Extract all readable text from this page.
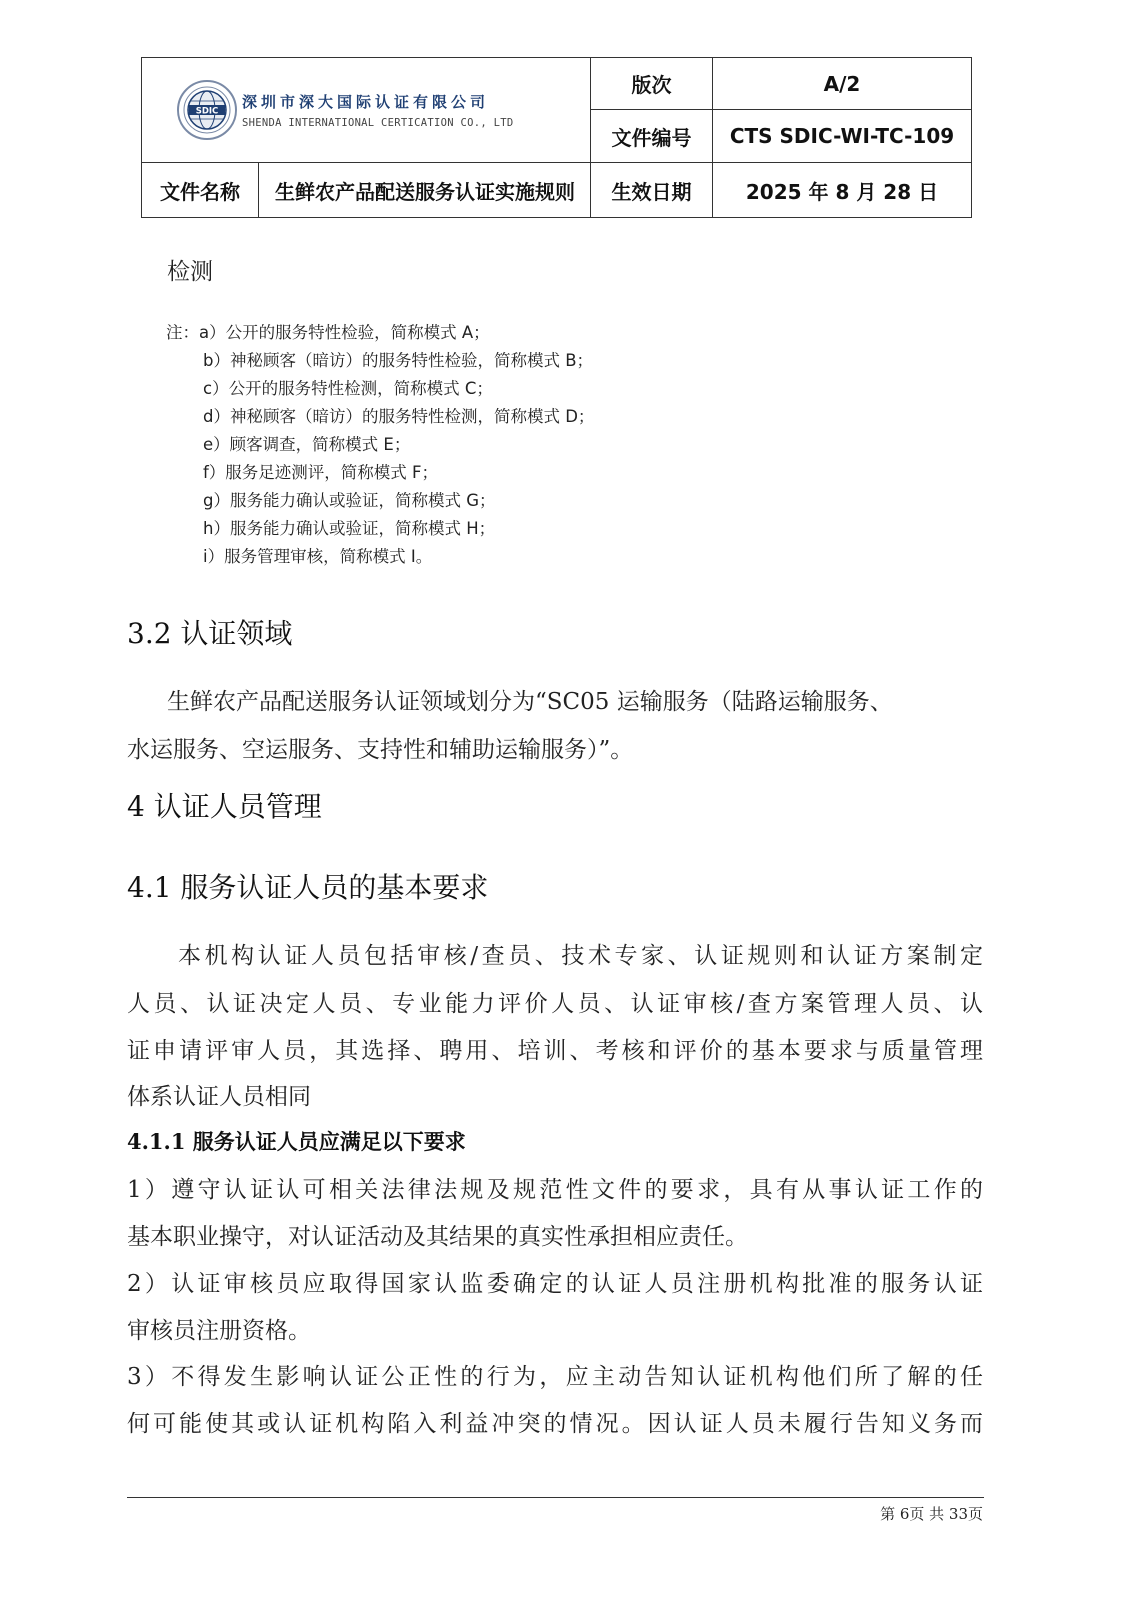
SDIC
深圳市深大国际认证有限公司
SHENDA INTERNATIONAL CERTICATION CO., LTD		版次	A/2
		文件编号	CTS SDIC-WI-TC-109
文件名称	生鲜农产品配送服务认证实施规则	生效日期	2025 年 8 月 28 日
检测
注：a）公开的服务特性检验，简称模式 A；
b）神秘顾客（暗访）的服务特性检验，简称模式 B；
c）公开的服务特性检测，简称模式 C；
d）神秘顾客（暗访）的服务特性检测，简称模式 D；
e）顾客调查，简称模式 E；
f）服务足迹测评，简称模式 F；
g）服务能力确认或验证，简称模式 G；
h）服务能力确认或验证，简称模式 H；
i）服务管理审核，简称模式 I。
3.2 认证领域
生鲜农产品配送服务认证领域划分为“SC05 运输服务（陆路运输服务、
水运服务、空运服务、支持性和辅助运输服务）”。
4 认证人员管理
4.1 服务认证人员的基本要求
本机构认证人员包括审核/查员、技术专家、认证规则和认证方案制定
人员、认证决定人员、专业能力评价人员、认证审核/查方案管理人员、认
证申请评审人员，其选择、聘用、培训、考核和评价的基本要求与质量管理
体系认证人员相同
4.1.1 服务认证人员应满足以下要求
1）遵守认证认可相关法律法规及规范性文件的要求，具有从事认证工作的
基本职业操守，对认证活动及其结果的真实性承担相应责任。
2）认证审核员应取得国家认监委确定的认证人员注册机构批准的服务认证
审核员注册资格。
3）不得发生影响认证公正性的行为，应主动告知认证机构他们所了解的任
何可能使其或认证机构陷入利益冲突的情况。因认证人员未履行告知义务而
第 6页 共 33页
